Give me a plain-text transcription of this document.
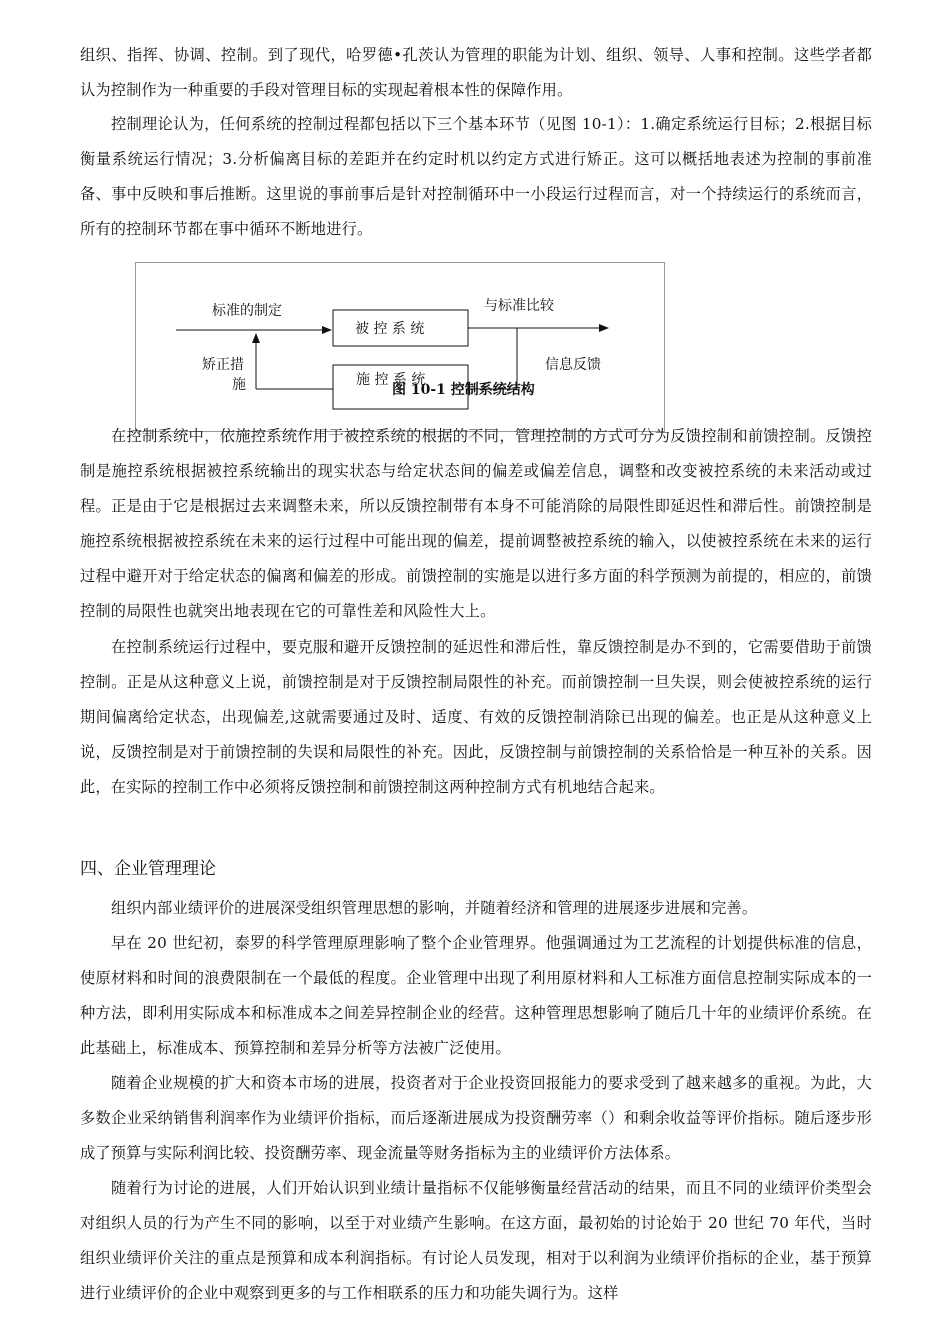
组织、指挥、协调、控制。到了现代，哈罗德•孔茨认为管理的职能为计划、组织、领导、人事和控制。这些学者都认为控制作为一种重要的手段对管理目标的实现起着根本性的保障作用。

控制理论认为，任何系统的控制过程都包括以下三个基本环节（见图 10-1）：1.确定系统运行目标；2.根据目标衡量系统运行情况；3.分析偏离目标的差距并在约定时机以约定方式进行矫正。这可以概括地表述为控制的事前准备、事中反映和事后推断。这里说的事前事后是针对控制循环中一小段运行过程而言，对一个持续运行的系统而言，所有的控制环节都在事中循环不断地进行。

标准的制定
被 控 系 统
与标准比较
信息反馈
施 控 系 统
矫正措
施	图 10-1 控制系统结构

在控制系统中，依施控系统作用于被控系统的根据的不同，管理控制的方式可分为反馈控制和前馈控制。反馈控制是施控系统根据被控系统输出的现实状态与给定状态间的偏差或偏差信息，调整和改变被控系统的未来活动或过程。正是由于它是根据过去来调整未来，所以反馈控制带有本身不可能消除的局限性即延迟性和滞后性。前馈控制是施控系统根据被控系统在未来的运行过程中可能出现的偏差，提前调整被控系统的输入，以使被控系统在未来的运行过程中避开对于给定状态的偏离和偏差的形成。前馈控制的实施是以进行多方面的科学预测为前提的，相应的，前馈控制的局限性也就突出地表现在它的可靠性差和风险性大上。

在控制系统运行过程中，要克服和避开反馈控制的延迟性和滞后性，靠反馈控制是办不到的，它需要借助于前馈控制。正是从这种意义上说，前馈控制是对于反馈控制局限性的补充。而前馈控制一旦失误，则会使被控系统的运行期间偏离给定状态，出现偏差,这就需要通过及时、适度、有效的反馈控制消除已出现的偏差。也正是从这种意义上说，反馈控制是对于前馈控制的失误和局限性的补充。因此，反馈控制与前馈控制的关系恰恰是一种互补的关系。因此，在实际的控制工作中必须将反馈控制和前馈控制这两种控制方式有机地结合起来。

四、企业管理理论

组织内部业绩评价的进展深受组织管理思想的影响，并随着经济和管理的进展逐步进展和完善。

早在 20 世纪初，泰罗的科学管理原理影响了整个企业管理界。他强调通过为工艺流程的计划提供标准的信息，使原材料和时间的浪费限制在一个最低的程度。企业管理中出现了利用原材料和人工标准方面信息控制实际成本的一种方法，即利用实际成本和标准成本之间差异控制企业的经营。这种管理思想影响了随后几十年的业绩评价系统。在此基础上，标准成本、预算控制和差异分析等方法被广泛使用。

随着企业规模的扩大和资本市场的进展，投资者对于企业投资回报能力的要求受到了越来越多的重视。为此，大多数企业采纳销售利润率作为业绩评价指标，而后逐渐进展成为投资酬劳率（）和剩余收益等评价指标。随后逐步形成了预算与实际利润比较、投资酬劳率、现金流量等财务指标为主的业绩评价方法体系。

随着行为讨论的进展，人们开始认识到业绩计量指标不仅能够衡量经营活动的结果，而且不同的业绩评价类型会对组织人员的行为产生不同的影响，以至于对业绩产生影响。在这方面，最初始的讨论始于 20 世纪 70 年代，当时组织业绩评价关注的重点是预算和成本利润指标。有讨论人员发现，相对于以利润为业绩评价指标的企业，基于预算进行业绩评价的企业中观察到更多的与工作相联系的压力和功能失调行为。这样
